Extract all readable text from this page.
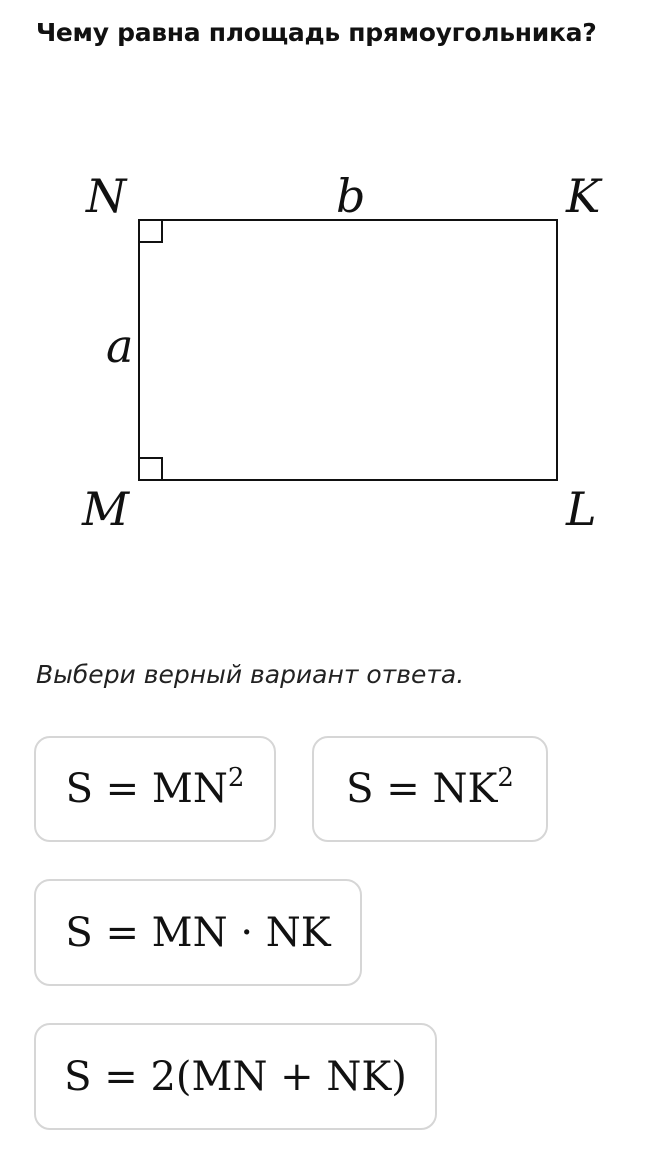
Чему равна площадь прямоугольника?
N	K
M	L
b
a
Выбери верный вариант ответа.
$S = MN^2$	$S = NK^2$
S = MN · NK
S = 2(MN + NK)
